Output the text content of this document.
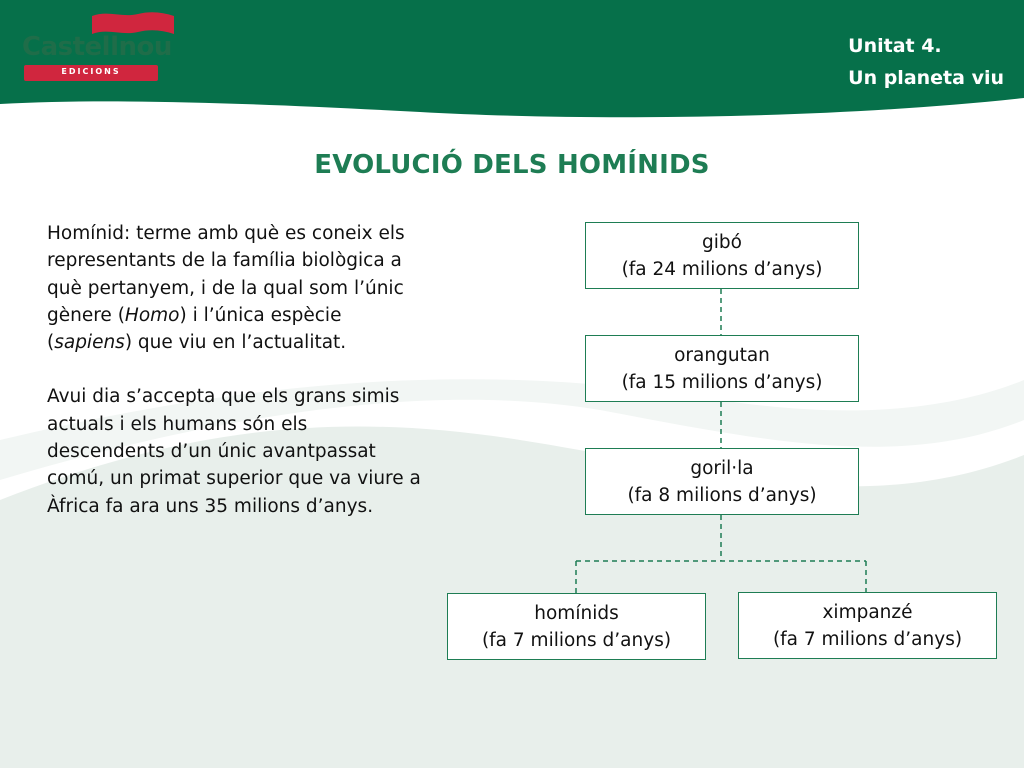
Castellnou
EDICIONS
Unitat 4.
Un planeta viu
EVOLUCIÓ DELS HOMÍNIDS

Homínid: terme amb què es coneix els representants de la família biològica a què pertanyem, i de la qual som l’únic gènere (Homo) i l’única espècie (sapiens) que viu en l’actualitat.

Avui dia s’accepta que els grans simis actuals i els humans són els descendents d’un únic avantpassat comú, un primat superior que va viure a Àfrica fa ara uns 35 milions d’anys.

gibó
(fa 24 milions d’anys)
orangutan
(fa 15 milions d’anys)
goril·la
(fa 8 milions d’anys)
homínids
(fa 7 milions d’anys)
ximpanzé
(fa 7 milions d’anys)
